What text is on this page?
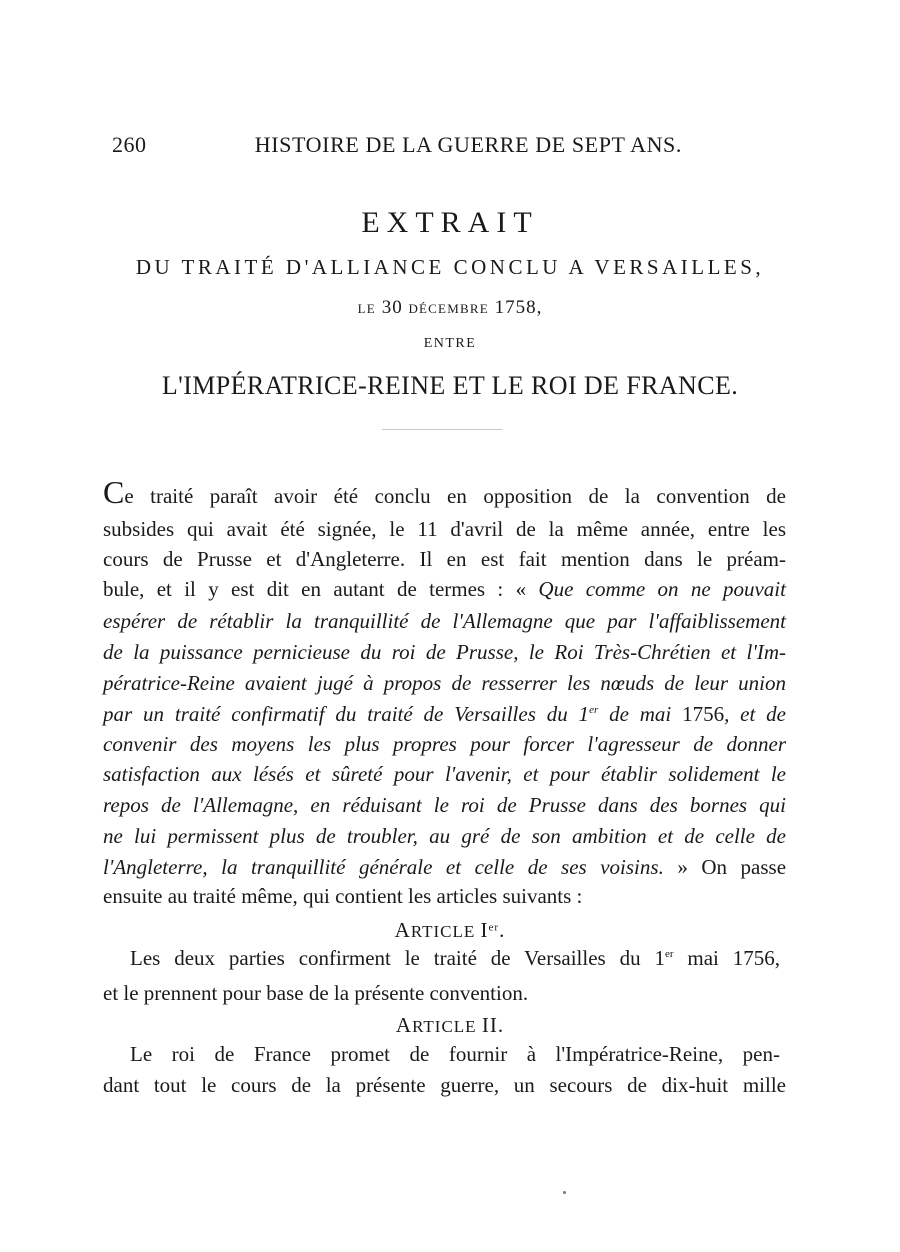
260	HISTOIRE DE LA GUERRE DE SEPT ANS.
EXTRAIT
DU TRAITÉ D'ALLIANCE CONCLU A VERSAILLES,
LE 30 DÉCEMBRE 1758,
ENTRE
L'IMPÉRATRICE-REINE ET LE ROI DE FRANCE.
Ce traité paraît avoir été conclu en opposition de la convention de
subsides qui avait été signée, le 11 d'avril de la même année, entre les
cours de Prusse et d'Angleterre. Il en est fait mention dans le préam-
bule, et il y est dit en autant de termes : « Que comme on ne pouvait
espérer de rétablir la tranquillité de l'Allemagne que par l'affaiblissement
de la puissance pernicieuse du roi de Prusse, le Roi Très-Chrétien et l'Im-
pératrice-Reine avaient jugé à propos de resserrer les nœuds de leur union
par un traité confirmatif du traité de Versailles du 1er de mai 1756, et de
convenir des moyens les plus propres pour forcer l'agresseur de donner
satisfaction aux lésés et sûreté pour l'avenir, et pour établir solidement le
repos de l'Allemagne, en réduisant le roi de Prusse dans des bornes qui
ne lui permissent plus de troubler, au gré de son ambition et de celle de
l'Angleterre, la tranquillité générale et celle de ses voisins. » On passe
ensuite au traité même, qui contient les articles suivants :
ARTICLE Ier.
Les deux parties confirment le traité de Versailles du 1er mai 1756,
et le prennent pour base de la présente convention.
ARTICLE II.
Le roi de France promet de fournir à l'Impératrice-Reine, pen-
dant tout le cours de la présente guerre, un secours de dix-huit mille
